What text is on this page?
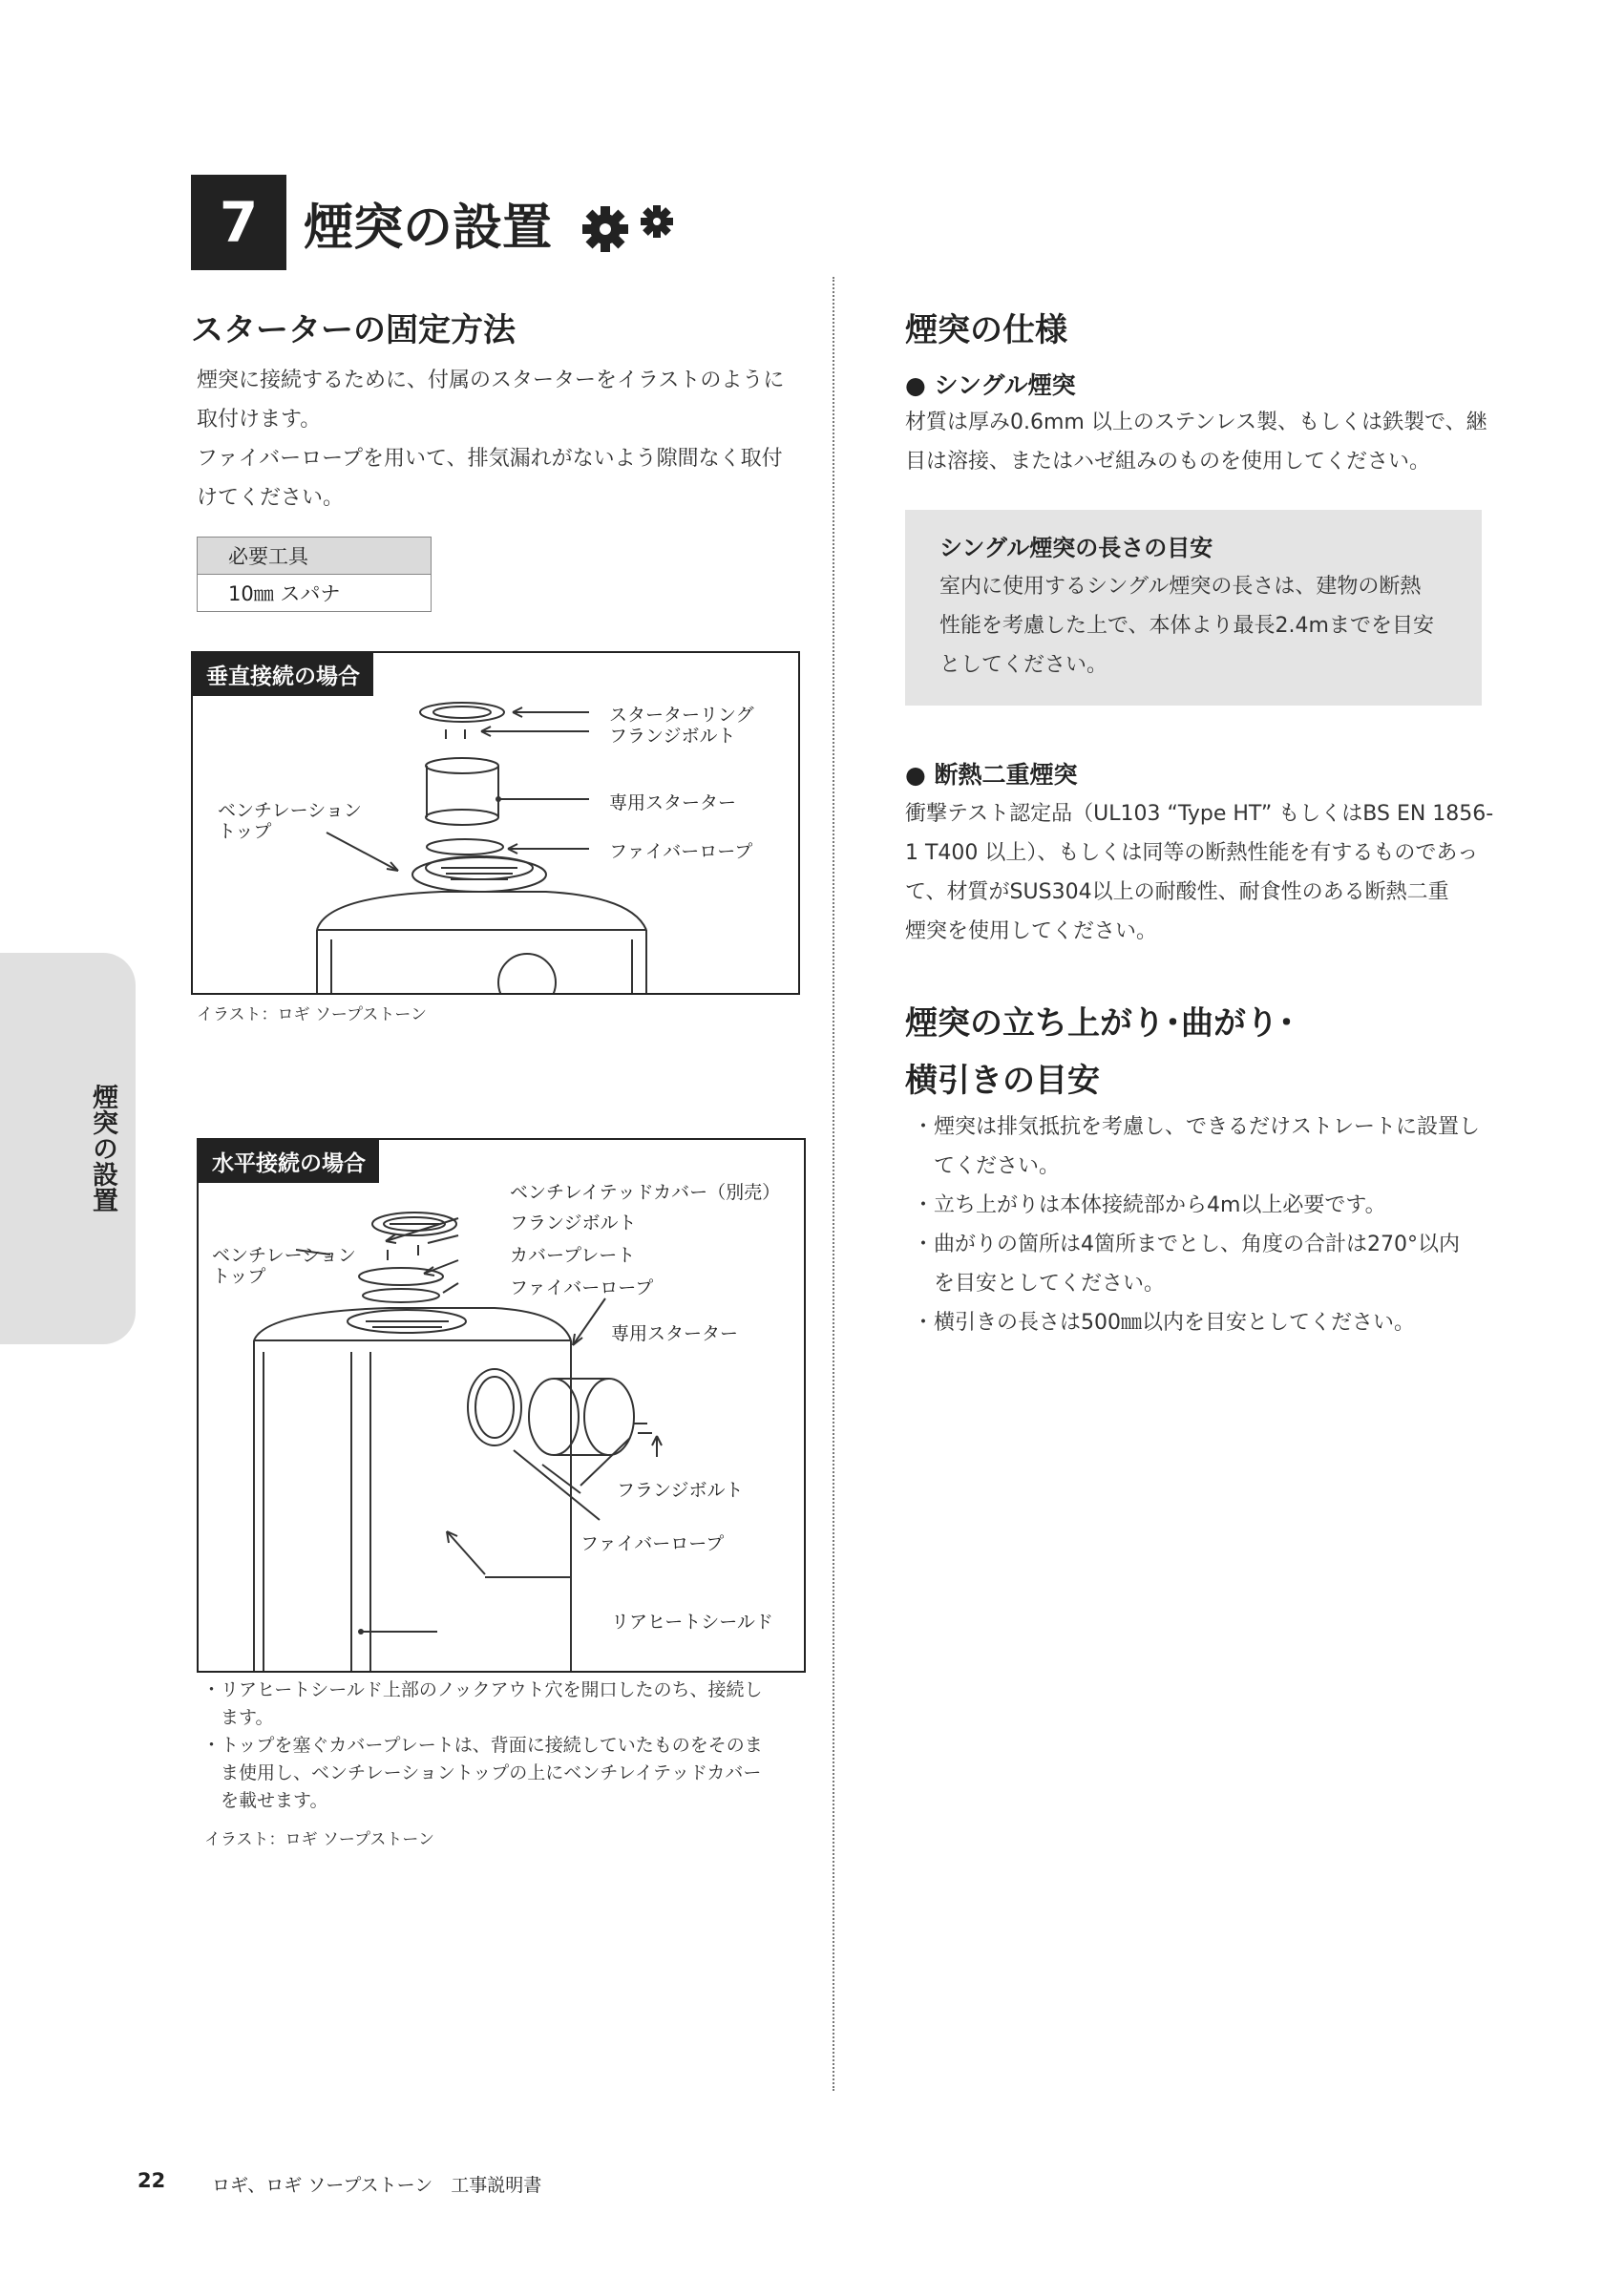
7 煙突の設置
スターターの固定方法
煙突に接続するために、付属のスターターをイラストのように
取付けます。
ファイバーロープを用いて、排気漏れがないよう隙間なく取付
けてください。
必要工具
10㎜ スパナ
垂直接続の場合
スターターリング
フランジボルト
専用スターター
ファイバーロープ
ベンチレーション
トップ
イラスト：ロギ ソープストーン
水平接続の場合
ベンチレイテッドカバー（別売）
フランジボルト
ベンチレーション
トップ
カバープレート
ファイバーロープ
専用スターター
フランジボルト
ファイバーロープ
リアヒートシールド
・リアヒートシールド上部のノックアウト穴を開口したのち、接続し
ます。
・トップを塞ぐカバープレートは、背面に接続していたものをそのま
ま使用し、ベンチレーショントップの上にベンチレイテッドカバー
を載せます。
イラスト：ロギ ソープストーン
煙突の仕様
● シングル煙突
材質は厚み0.6mm 以上のステンレス製、もしくは鉄製で、継
目は溶接、またはハゼ組みのものを使用してください。
シングル煙突の長さの目安
室内に使用するシングル煙突の長さは、建物の断熱
性能を考慮した上で、本体より最長2.4mまでを目安
としてください。
● 断熱二重煙突
衝撃テスト認定品（UL103 “Type HT” もしくはBS EN 1856-
1 T400 以上）、もしくは同等の断熱性能を有するものであっ
て、材質がSUS304以上の耐酸性、耐食性のある断熱二重
煙突を使用してください。
煙突の立ち上がり･曲がり･
横引きの目安
・煙突は排気抵抗を考慮し、できるだけストレートに設置し
　てください。
・立ち上がりは本体接続部から4m以上必要です。
・曲がりの箇所は4箇所までとし、角度の合計は270°以内
　を目安としてください。
・横引きの長さは500㎜以内を目安としてください。
煙突の設置
22	ロギ、ロギ ソープストーン　工事説明書
